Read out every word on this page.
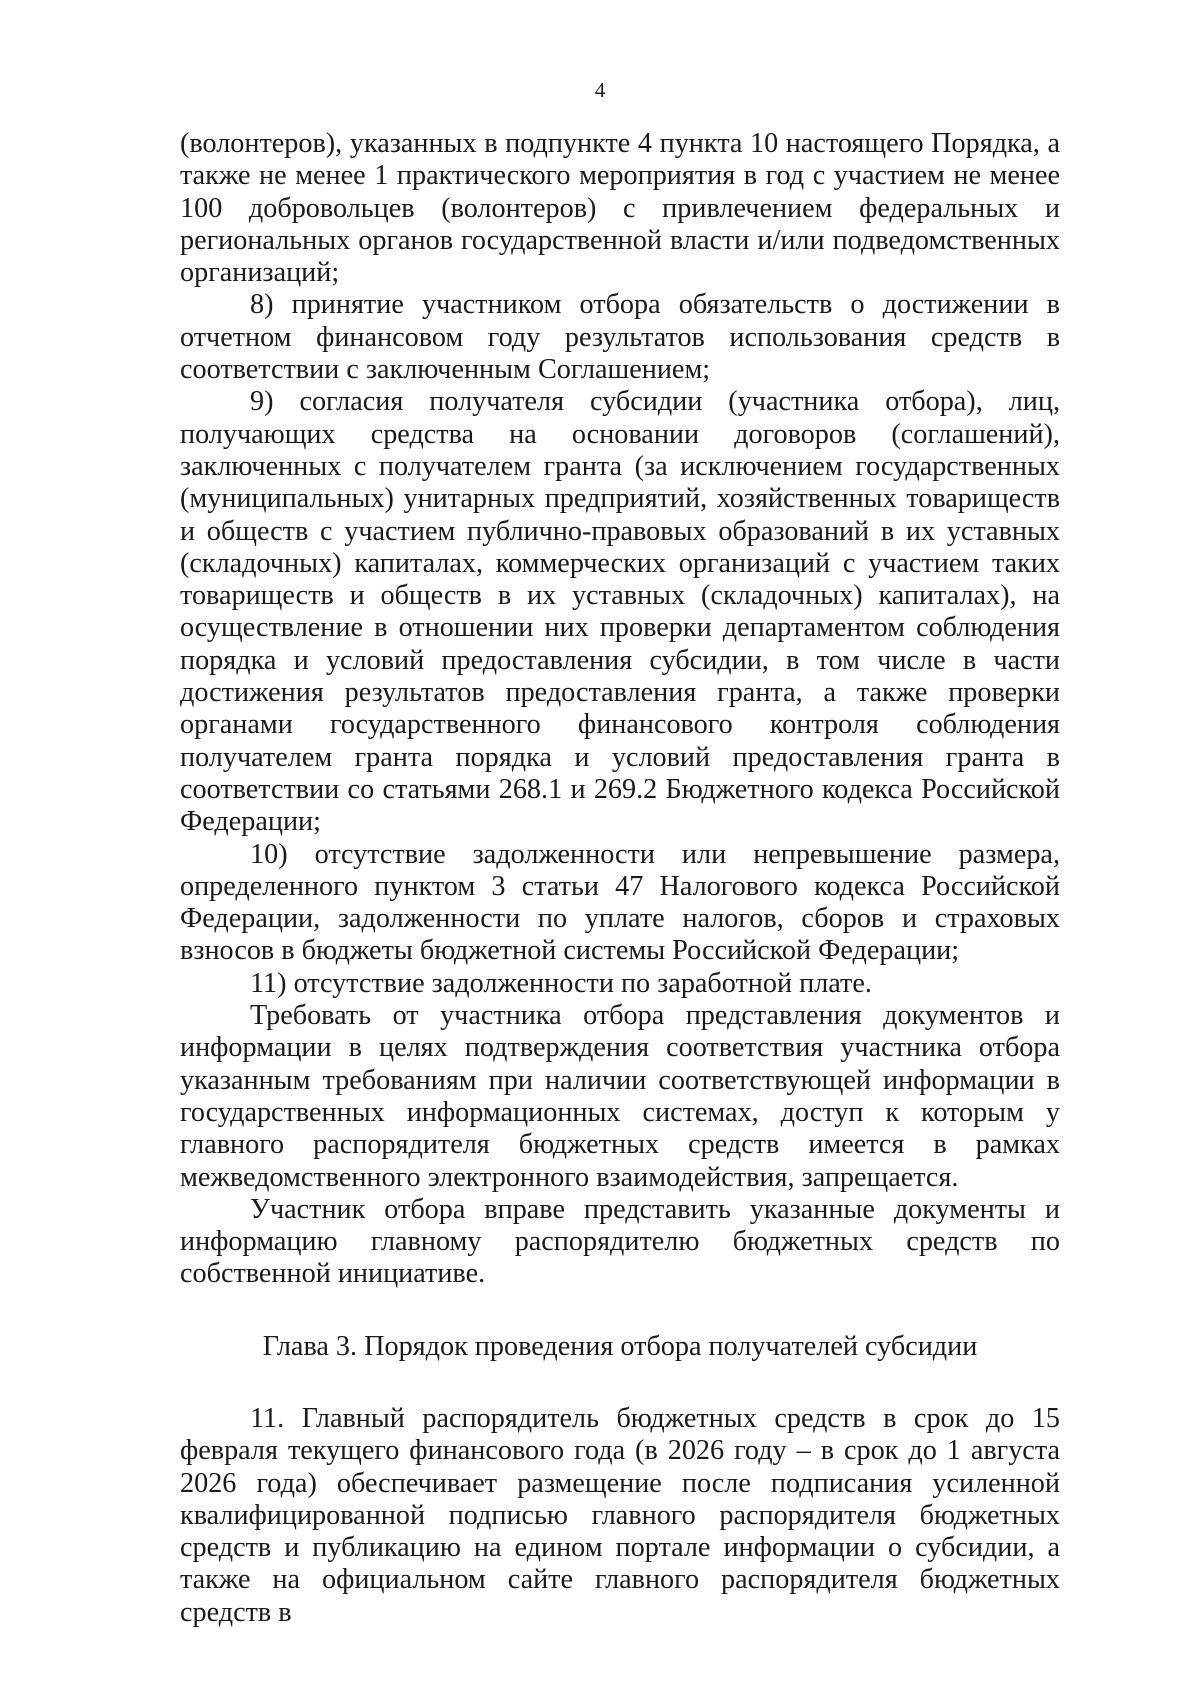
4

(волонтеров), указанных в подпункте 4 пункта 10 настоящего Порядка, а также не менее 1 практического мероприятия в год с участием не менее 100 добровольцев (волонтеров) с привлечением федеральных и региональных органов государственной власти и/или подведомственных организаций;

8) принятие участником отбора обязательств о достижении в отчетном финансовом году результатов использования средств в соответствии с заключенным Соглашением;

9) согласия получателя субсидии (участника отбора), лиц, получающих средства на основании договоров (соглашений), заключенных с получателем гранта (за исключением государственных (муниципальных) унитарных предприятий, хозяйственных товариществ и обществ с участием публично-правовых образований в их уставных (складочных) капиталах, коммерческих организаций с участием таких товариществ и обществ в их уставных (складочных) капиталах), на осуществление в отношении них проверки департаментом соблюдения порядка и условий предоставления субсидии, в том числе в части достижения результатов предоставления гранта, а также проверки органами государственного финансового контроля соблюдения получателем гранта порядка и условий предоставления гранта в соответствии со статьями 268.1 и 269.2 Бюджетного кодекса Российской Федерации;

10) отсутствие задолженности или непревышение размера, определенного пунктом 3 статьи 47 Налогового кодекса Российской Федерации, задолженности по уплате налогов, сборов и страховых взносов в бюджеты бюджетной системы Российской Федерации;

11) отсутствие задолженности по заработной плате.

Требовать от участника отбора представления документов и информации в целях подтверждения соответствия участника отбора указанным требованиям при наличии соответствующей информации в государственных информационных системах, доступ к которым у главного распорядителя бюджетных средств имеется в рамках межведомственного электронного взаимодействия, запрещается.

Участник отбора вправе представить указанные документы и информацию главному распорядителю бюджетных средств по собственной инициативе.

Глава 3. Порядок проведения отбора получателей субсидии

11. Главный распорядитель бюджетных средств в срок до 15 февраля текущего финансового года (в 2026 году – в срок до 1 августа 2026 года) обеспечивает размещение после подписания усиленной квалифицированной подписью главного распорядителя бюджетных средств и публикацию на едином портале информации о субсидии, а также на официальном сайте главного распорядителя бюджетных средств в
